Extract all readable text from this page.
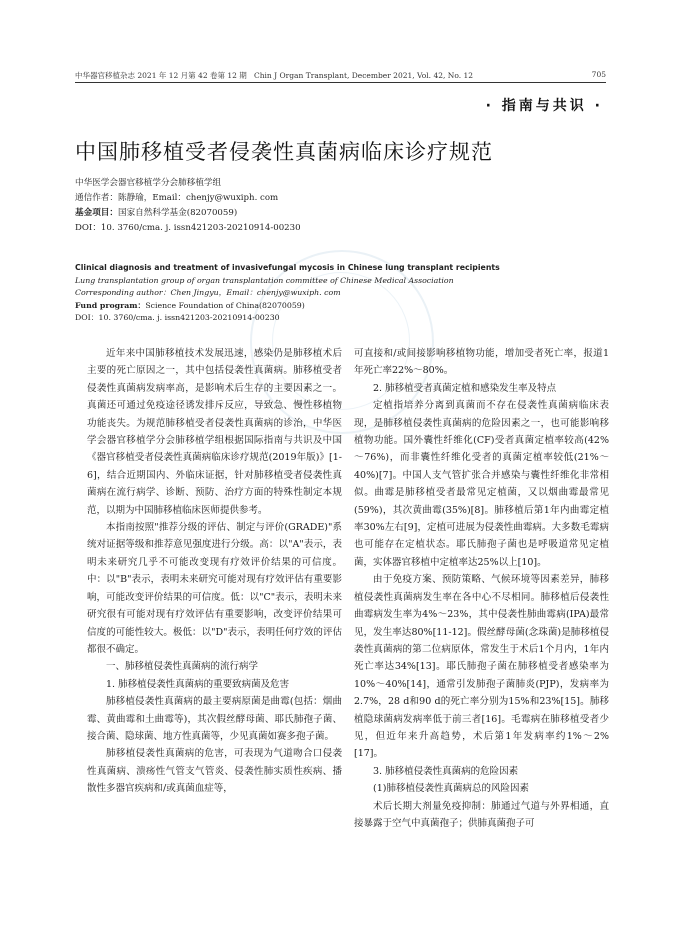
中华器官移植杂志 2021 年 12 月第 42 卷第 12 期 Chin J Organ Transplant, December 2021, Vol. 42, No. 12	705
· 指南与共识 ·
中国肺移植受者侵袭性真菌病临床诊疗规范
中华医学会器官移植学分会肺移植学组
通信作者：陈静瑜，Email：chenjy@wuxiph. com
基金项目：国家自然科学基金(82070059)
DOI：10. 3760/cma. j. issn421203-20210914-00230
Clinical diagnosis and treatment of invasivefungal mycosis in Chinese lung transplant recipients
Lung transplantation group of organ transplantation committee of Chinese Medical Association
Corresponding author：Chen Jingyu，Email：chenjy@wuxiph. com
Fund program：Science Foundation of China(82070059)
DOI：10. 3760/cma. j. issn421203-20210914-00230

近年来中国肺移植技术发展迅速，感染仍是肺移植术后主要的死亡原因之一，其中包括侵袭性真菌病。肺移植受者侵袭性真菌病发病率高，是影响术后生存的主要因素之一。真菌还可通过免疫途径诱发排斥反应，导致急、慢性移植物功能丧失。为规范肺移植受者侵袭性真菌病的诊治，中华医学会器官移植学分会肺移植学组根据国际指南与共识及中国《器官移植受者侵袭性真菌病临床诊疗规范(2019年版)》[1-6]，结合近期国内、外临床证据，针对肺移植受者侵袭性真菌病在流行病学、诊断、预防、治疗方面的特殊性制定本规范，以期为中国肺移植临床医师提供参考。

本指南按照"推荐分级的评估、制定与评价(GRADE)"系统对证据等级和推荐意见强度进行分级。高：以"A"表示，表明未来研究几乎不可能改变现有疗效评价结果的可信度。中：以"B"表示，表明未来研究可能对现有疗效评估有重要影响，可能改变评价结果的可信度。低：以"C"表示，表明未来研究很有可能对现有疗效评估有重要影响，改变评价结果可信度的可能性较大。极低：以"D"表示，表明任何疗效的评估都很不确定。

一、肺移植侵袭性真菌病的流行病学

1. 肺移植侵袭性真菌病的重要致病菌及危害

肺移植侵袭性真菌病的最主要病原菌是曲霉(包括：烟曲霉、黄曲霉和土曲霉等)，其次假丝酵母菌、耶氏肺孢子菌、接合菌、隐球菌、地方性真菌等，少见真菌如赛多孢子菌。

肺移植侵袭性真菌病的危害，可表现为气道吻合口侵袭性真菌病、溃疡性气管支气管炎、侵袭性肺实质性疾病、播散性多器官疾病和/或真菌血症等，

可直接和/或间接影响移植物功能，增加受者死亡率，报道1年死亡率22%～80%。

2. 肺移植受者真菌定植和感染发生率及特点

定植指培养分离到真菌而不存在侵袭性真菌病临床表现，是肺移植侵袭性真菌病的危险因素之一，也可能影响移植物功能。国外囊性纤维化(CF)受者真菌定植率较高(42%～76%)，而非囊性纤维化受者的真菌定植率较低(21%～40%)[7]。中国人支气管扩张合并感染与囊性纤维化非常相似。曲霉是肺移植受者最常见定植菌，又以烟曲霉最常见(59%)，其次黄曲霉(35%)[8]。肺移植后第1年内曲霉定植率30%左右[9]，定植可进展为侵袭性曲霉病。大多数毛霉病也可能存在定植状态。耶氏肺孢子菌也是呼吸道常见定植菌，实体器官移植中定植率达25%以上[10]。

由于免疫方案、预防策略、气候环境等因素差异，肺移植侵袭性真菌病发生率在各中心不尽相同。肺移植后侵袭性曲霉病发生率为4%～23%，其中侵袭性肺曲霉病(IPA)最常见，发生率达80%[11-12]。假丝酵母菌(念珠菌)是肺移植侵袭性真菌病的第二位病原体，常发生于术后1个月内，1年内死亡率达34%[13]。耶氏肺孢子菌在肺移植受者感染率为10%～40%[14]，通常引发肺孢子菌肺炎(PJP)，发病率为2.7%，28 d和90 d的死亡率分别为15%和23%[15]。肺移植隐球菌病发病率低于前三者[16]。毛霉病在肺移植受者少见，但近年来升高趋势，术后第1年发病率约1%～2%[17]。

3. 肺移植侵袭性真菌病的危险因素

(1)肺移植侵袭性真菌病总的风险因素

术后长期大剂量免疫抑制：肺通过气道与外界相通，直接暴露于空气中真菌孢子；供肺真菌孢子可
